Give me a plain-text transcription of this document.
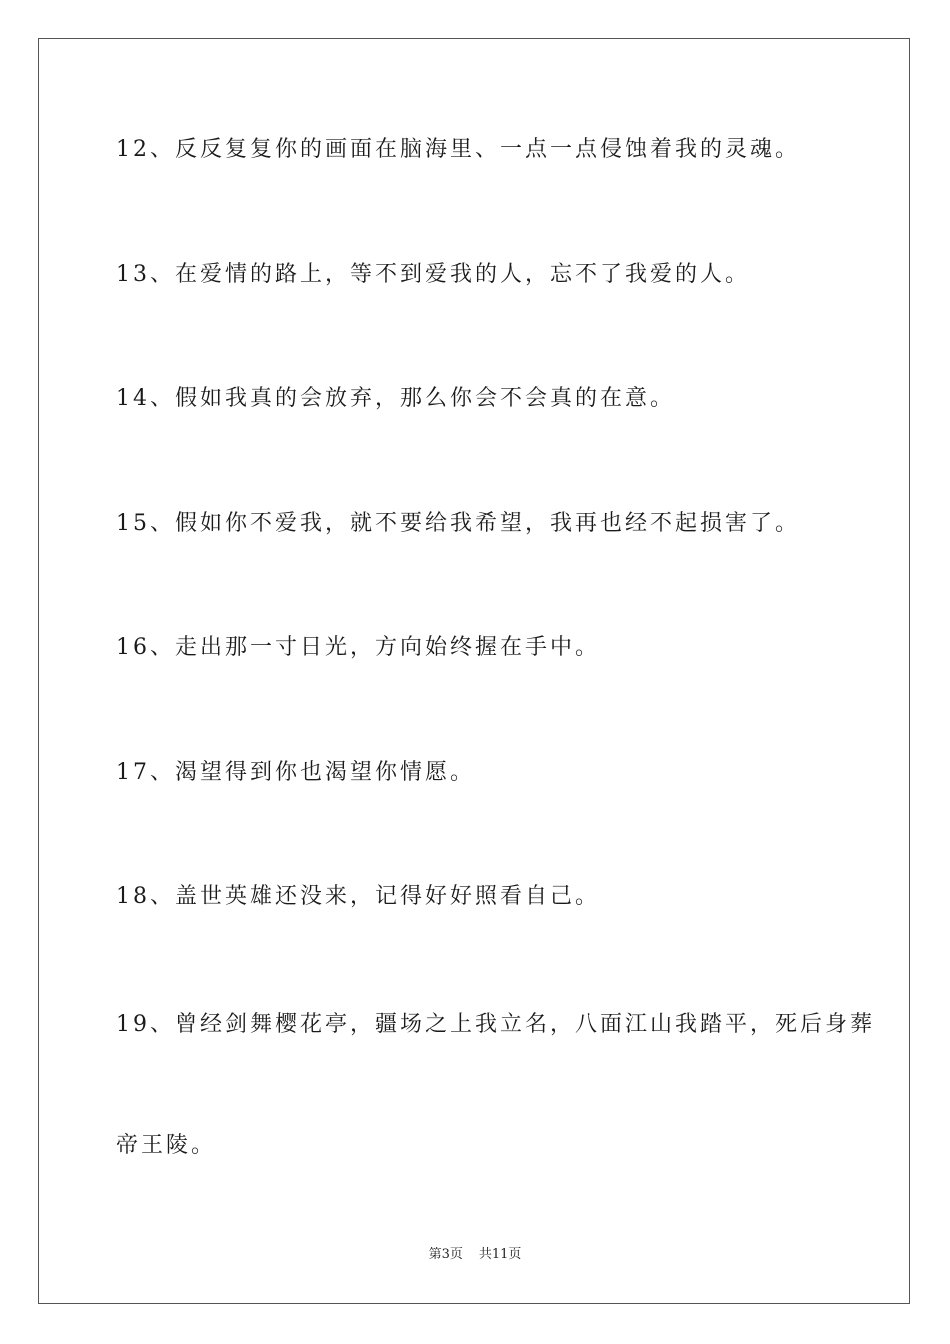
12、反反复复你的画面在脑海里、一点一点侵蚀着我的灵魂。
13、在爱情的路上，等不到爱我的人，忘不了我爱的人。
14、假如我真的会放弃，那么你会不会真的在意。
15、假如你不爱我，就不要给我希望，我再也经不起损害了。
16、走出那一寸日光，方向始终握在手中。
17、渴望得到你也渴望你情愿。
18、盖世英雄还没来，记得好好照看自己。
19、曾经剑舞樱花亭，疆场之上我立名，八面江山我踏平，死后身葬
帝王陵。
第3页 共11页
